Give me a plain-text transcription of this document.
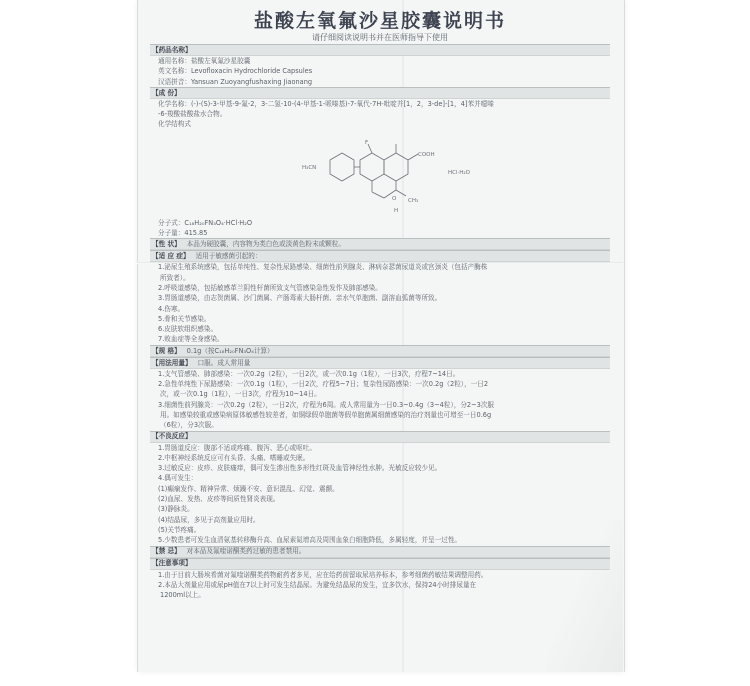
盐酸左氧氟沙星胶囊说明书
请仔细阅读说明书并在医师指导下使用
【药品名称】
通用名称：盐酸左氧氟沙星胶囊
英文名称：Levofloxacin Hydrochloride Capsules
汉语拼音：Yansuan Zuoyangfushaxing Jiaonang
【成 份】
化学名称：(-)-(S)-3-甲基-9-氟-2，3-二氢-10-(4-甲基-1-哌嗪基)-7-氧代-7H-吡啶并[1，2，3-de]-[1，4]苯并噁嗪
-6-羧酸盐酸盐水合物。
化学结构式
F
COOH
H₃CN
O
HCl·H₂O
CH₃
H
分子式：C₁₈H₂₀FN₃O₄·HCl·H₂O
分子量：415.85
【性 状】 本品为硬胶囊，内容物为类白色或淡黄色粉末或颗粒。
【适 应 症】 适用于敏感菌引起的：
1.泌尿生殖系统感染，包括单纯性、复杂性尿路感染、细菌性前列腺炎、淋病奈瑟菌尿道炎或宫颈炎（包括产酶株
所致者）。
2.呼吸道感染，包括敏感革兰阴性杆菌所致支气管感染急性发作及肺部感染。
3.胃肠道感染，由志贺菌属、沙门菌属、产肠毒素大肠杆菌、亲水气单胞菌、副溶血弧菌等所致。
4.伤寒。
5.骨和关节感染。
6.皮肤软组织感染。
7.败血症等全身感染。
【规 格】 0.1g（按C₁₈H₂₀FN₃O₄计算）
【用法用量】 口服。成人常用量
1.支气管感染、肺部感染：一次0.2g（2粒），一日2次，或一次0.1g（1粒），一日3次，疗程7~14日。
2.急性单纯性下尿路感染：一次0.1g（1粒），一日2次，疗程5~7日；复杂性尿路感染：一次0.2g（2粒），一日2
次，或一次0.1g（1粒），一日3次，疗程为10~14日。
3.细菌性前列腺炎：一次0.2g（2粒），一日2次，疗程为6周。成人常用量为一日0.3~0.4g（3~4粒），分2~3次服
用。如感染较重或感染病原体敏感性较差者，如铜绿假单胞菌等假单胞菌属细菌感染的治疗剂量也可增至一日0.6g
（6粒），分3次服。
【不良反应】
1.胃肠道反应：腹部不适或疼痛、腹泻、恶心或呕吐。
2.中枢神经系统反应可有头昏、头痛、嗜睡或失眠。
3.过敏反应：皮疹、皮肤瘙痒，偶可发生渗出性多形性红斑及血管神经性水肿。光敏反应较少见。
4.偶可发生：
(1)癫痫发作、精神异常、烦躁不安、意识混乱、幻觉、震颤。
(2)血尿、发热、皮疹等间质性肾炎表现。
(3)静脉炎。
(4)结晶尿，多见于高剂量应用时。
(5)关节疼痛。
5.少数患者可发生血清氨基转移酶升高、血尿素氮增高及周围血象白细胞降低，多属轻度，并呈一过性。
【禁 忌】 对本品及氟喹诺酮类药过敏的患者禁用。
【注意事项】
1.由于目前大肠埃希菌对氟喹诺酮类药物耐药者多见，应在给药前留取尿培养标本，参考细菌药敏结果调整用药。
2.本品大剂量应用或尿pH值在7以上时可发生结晶尿。为避免结晶尿的发生，宜多饮水，保持24小时排尿量在
1200ml以上。
